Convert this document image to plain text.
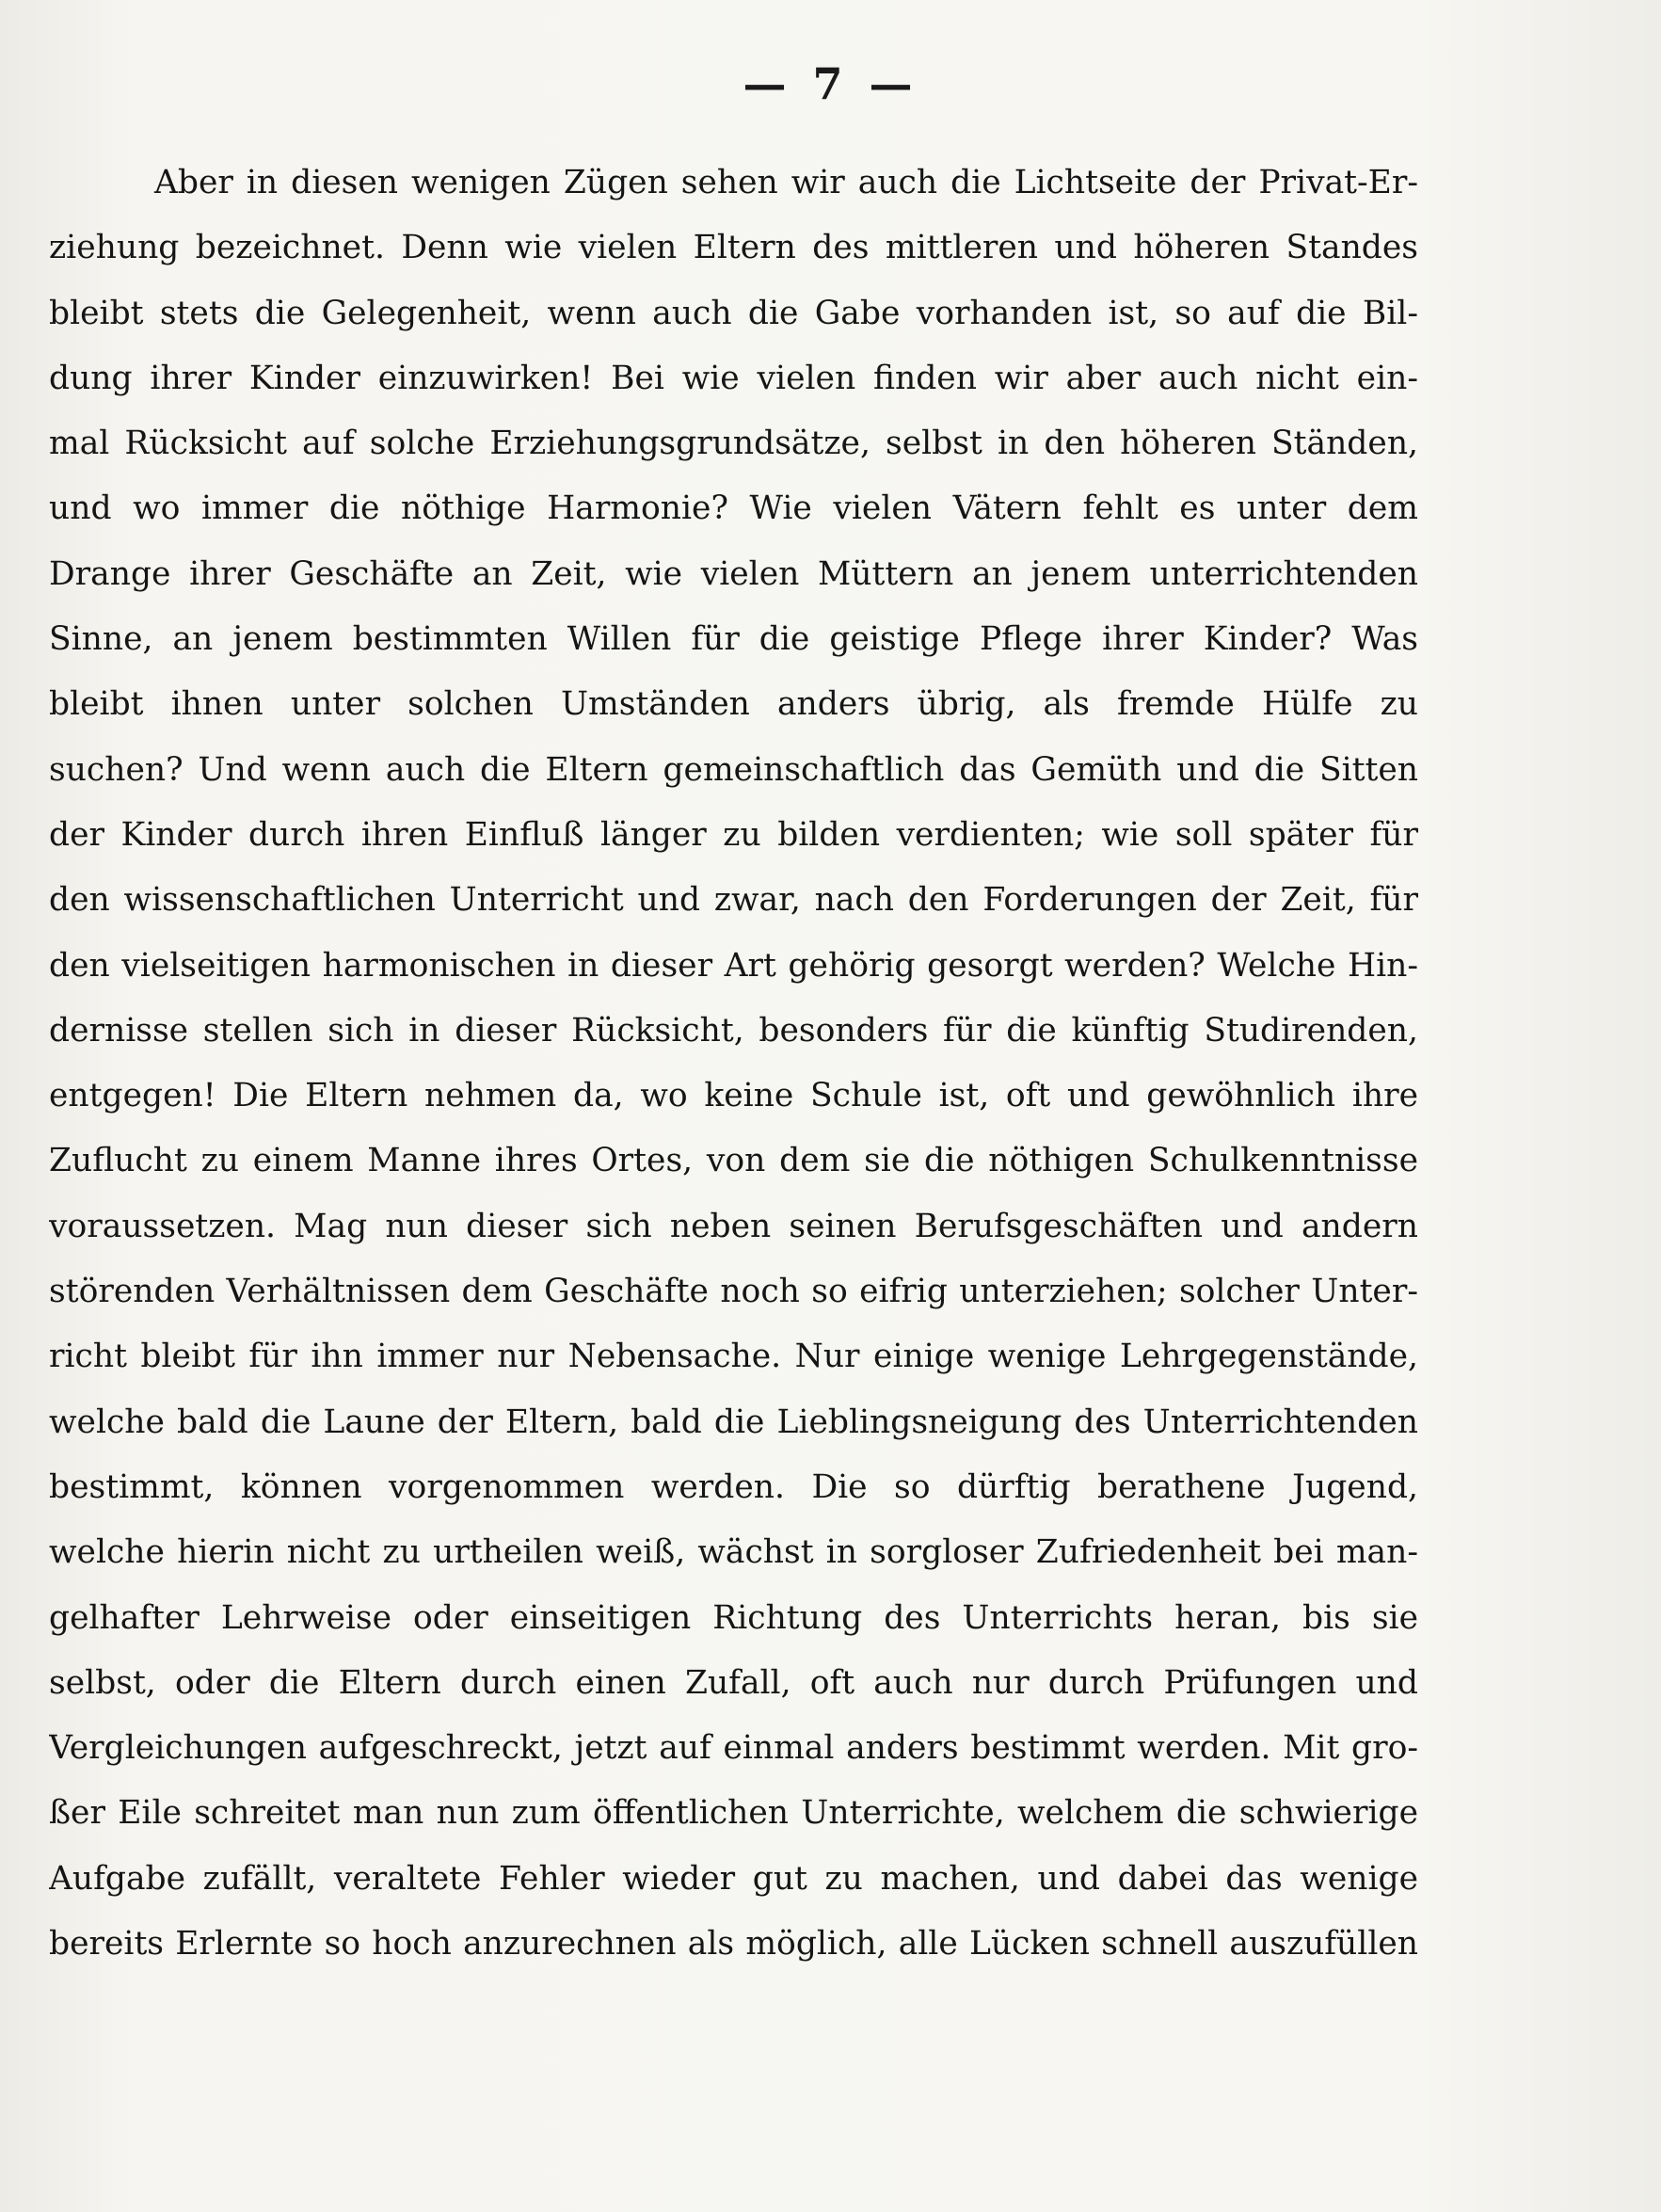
— 7 —
Aber in diesen wenigen Zügen sehen wir auch die Lichtseite der Privat-Er-
ziehung bezeichnet. Denn wie vielen Eltern des mittleren und höheren Standes
bleibt stets die Gelegenheit, wenn auch die Gabe vorhanden ist, so auf die Bil-
dung ihrer Kinder einzuwirken! Bei wie vielen finden wir aber auch nicht ein-
mal Rücksicht auf solche Erziehungsgrundsätze, selbst in den höheren Ständen,
und wo immer die nöthige Harmonie? Wie vielen Vätern fehlt es unter dem
Drange ihrer Geschäfte an Zeit, wie vielen Müttern an jenem unterrichtenden
Sinne, an jenem bestimmten Willen für die geistige Pflege ihrer Kinder? Was
bleibt ihnen unter solchen Umständen anders übrig, als fremde Hülfe zu
suchen? Und wenn auch die Eltern gemeinschaftlich das Gemüth und die Sitten
der Kinder durch ihren Einfluß länger zu bilden verdienten; wie soll später für
den wissenschaftlichen Unterricht und zwar, nach den Forderungen der Zeit, für
den vielseitigen harmonischen in dieser Art gehörig gesorgt werden? Welche Hin-
dernisse stellen sich in dieser Rücksicht, besonders für die künftig Studirenden,
entgegen! Die Eltern nehmen da, wo keine Schule ist, oft und gewöhnlich ihre
Zuflucht zu einem Manne ihres Ortes, von dem sie die nöthigen Schulkenntnisse
voraussetzen. Mag nun dieser sich neben seinen Berufsgeschäften und andern
störenden Verhältnissen dem Geschäfte noch so eifrig unterziehen; solcher Unter-
richt bleibt für ihn immer nur Nebensache. Nur einige wenige Lehrgegenstände,
welche bald die Laune der Eltern, bald die Lieblingsneigung des Unterrichtenden
bestimmt, können vorgenommen werden. Die so dürftig berathene Jugend,
welche hierin nicht zu urtheilen weiß, wächst in sorgloser Zufriedenheit bei man-
gelhafter Lehrweise oder einseitigen Richtung des Unterrichts heran, bis sie
selbst, oder die Eltern durch einen Zufall, oft auch nur durch Prüfungen und
Vergleichungen aufgeschreckt, jetzt auf einmal anders bestimmt werden. Mit gro-
ßer Eile schreitet man nun zum öffentlichen Unterrichte, welchem die schwierige
Aufgabe zufällt, veraltete Fehler wieder gut zu machen, und dabei das wenige
bereits Erlernte so hoch anzurechnen als möglich, alle Lücken schnell auszufüllen
